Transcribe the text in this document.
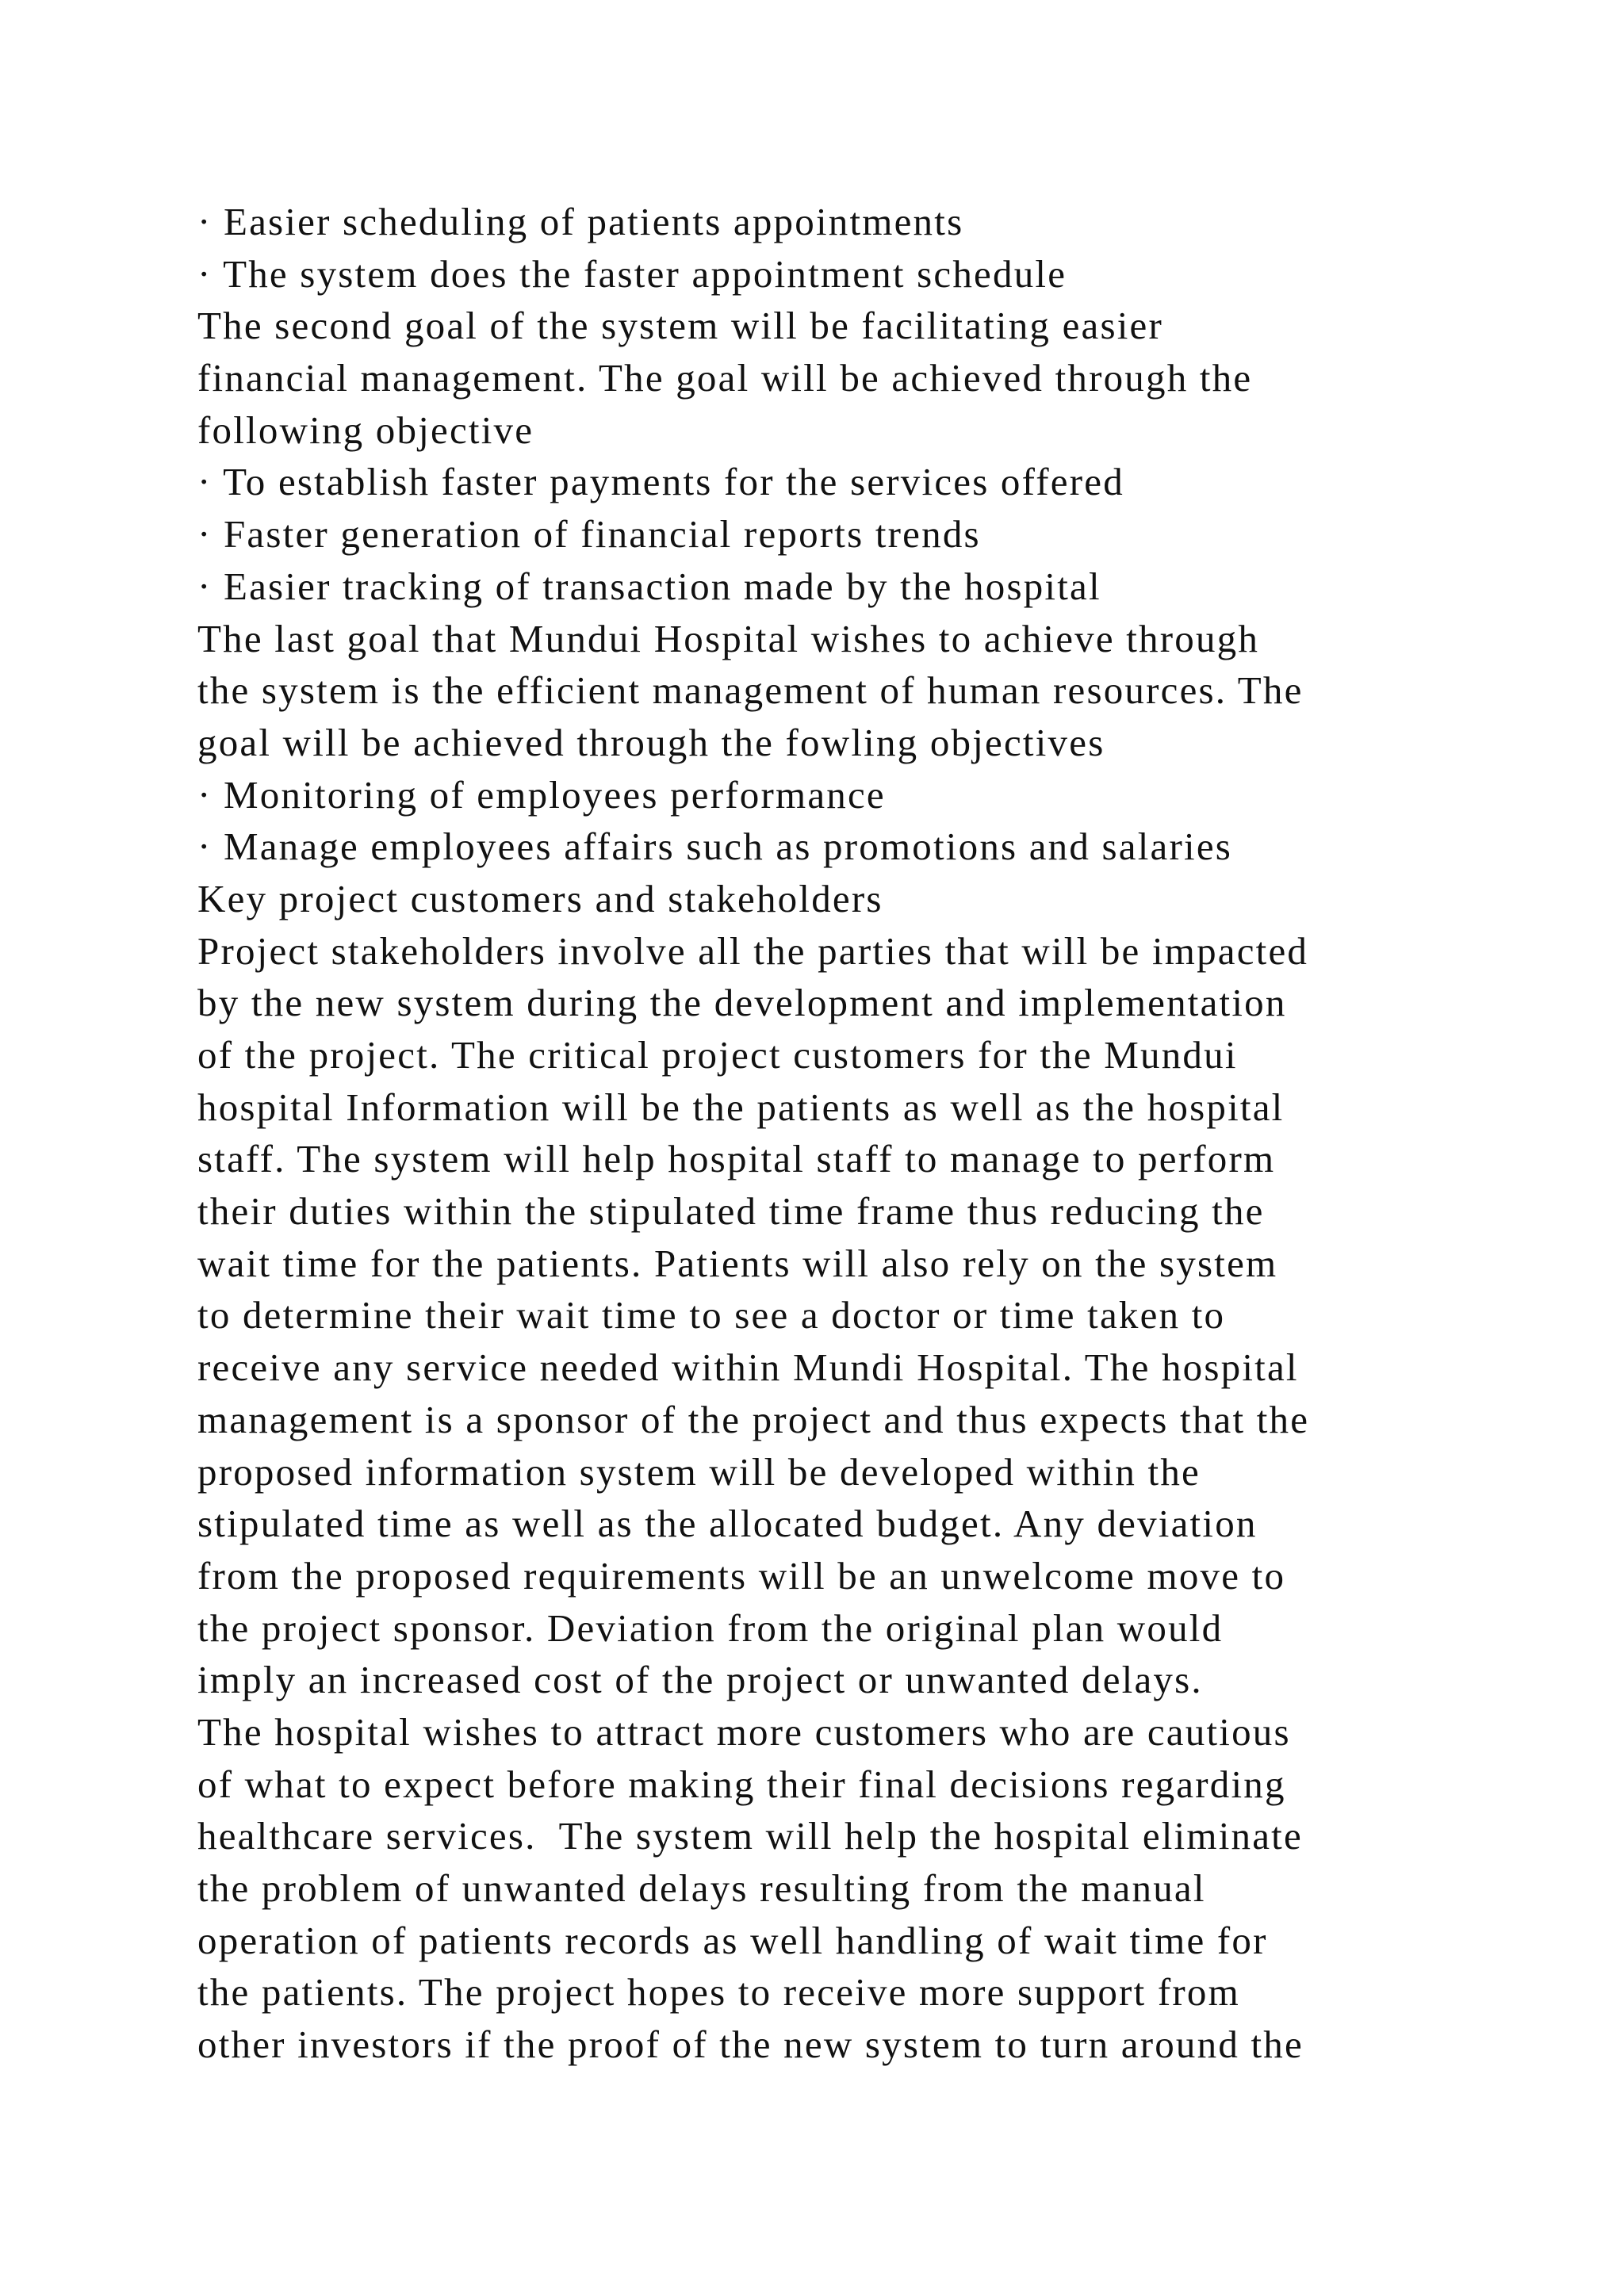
· Easier scheduling of patients appointments
· The system does the faster appointment schedule
The second goal of the system will be facilitating easier
financial management. The goal will be achieved through the
following objective
· To establish faster payments for the services offered
· Faster generation of financial reports trends
· Easier tracking of transaction made by the hospital
The last goal that Mundui Hospital wishes to achieve through
the system is the efficient management of human resources. The
goal will be achieved through the fowling objectives
· Monitoring of employees performance
· Manage employees affairs such as promotions and salaries
Key project customers and stakeholders
Project stakeholders involve all the parties that will be impacted
by the new system during the development and implementation
of the project. The critical project customers for the Mundui
hospital Information will be the patients as well as the hospital
staff. The system will help hospital staff to manage to perform
their duties within the stipulated time frame thus reducing the
wait time for the patients. Patients will also rely on the system
to determine their wait time to see a doctor or time taken to
receive any service needed within Mundi Hospital. The hospital
management is a sponsor of the project and thus expects that the
proposed information system will be developed within the
stipulated time as well as the allocated budget. Any deviation
from the proposed requirements will be an unwelcome move to
the project sponsor. Deviation from the original plan would
imply an increased cost of the project or unwanted delays.
The hospital wishes to attract more customers who are cautious
of what to expect before making their final decisions regarding
healthcare services.  The system will help the hospital eliminate
the problem of unwanted delays resulting from the manual
operation of patients records as well handling of wait time for
the patients. The project hopes to receive more support from
other investors if the proof of the new system to turn around the
